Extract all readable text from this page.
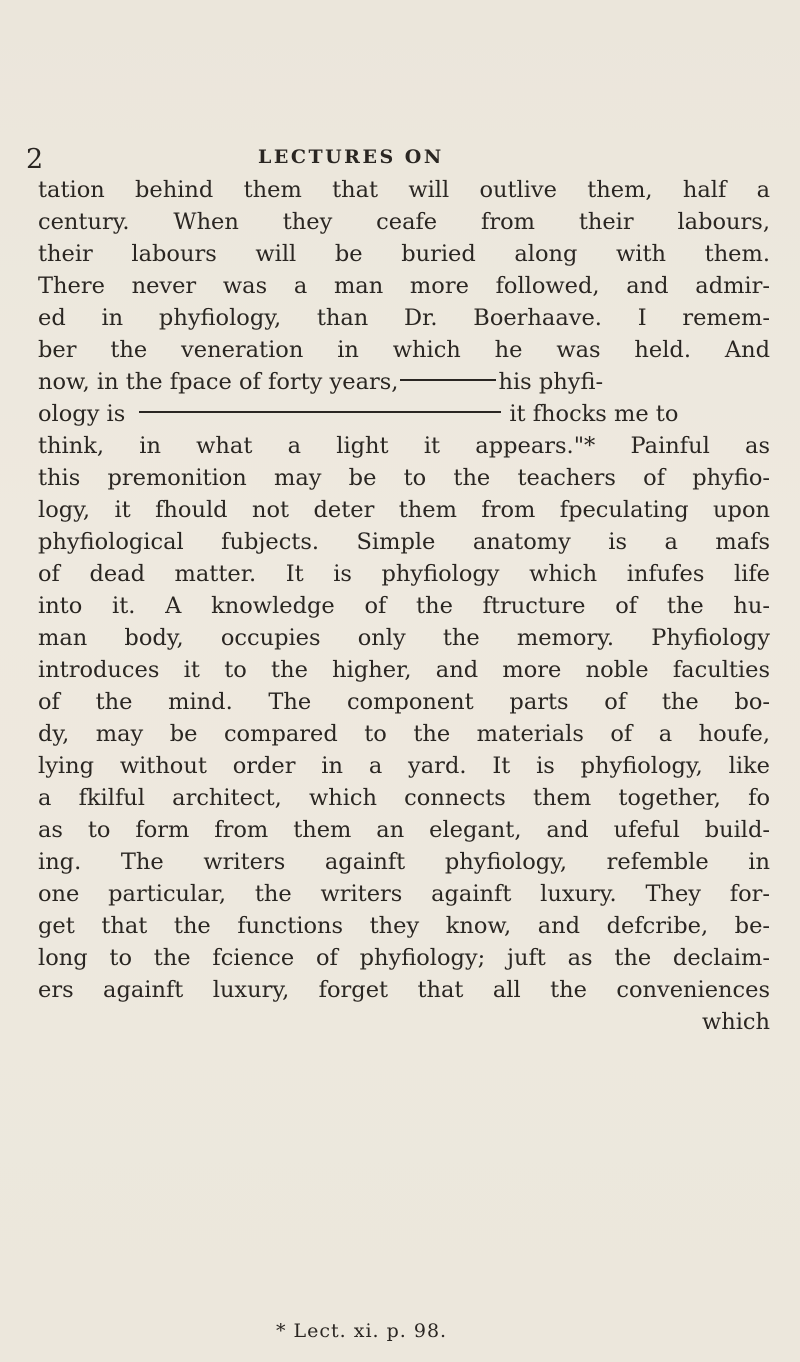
2	LECTURES ON
tation behind them that will outlive them, half a
century. When they ceafe from their labours,
their labours will be buried along with them.
There never was a man more followed, and admir-
ed in phyfiology, than Dr. Boerhaave. I remem-
ber the veneration in which he was held. And
now, in the fpace of forty years,	his phyfi-
ology is	it fhocks me to
think, in what a light it appears."* Painful as
this premonition may be to the teachers of phyfio-
logy, it fhould not deter them from fpeculating upon
phyfiological fubjects. Simple anatomy is a mafs
of dead matter. It is phyfiology which infufes life
into it. A knowledge of the ftructure of the hu-
man body, occupies only the memory. Phyfiology
introduces it to the higher, and more noble faculties
of the mind. The component parts of the bo-
dy, may be compared to the materials of a houfe,
lying without order in a yard. It is phyfiology, like
a fkilful architect, which connects them together, fo
as to form from them an elegant, and ufeful build-
ing. The writers againft phyfiology, refemble in
one particular, the writers againft luxury. They for-
get that the functions they know, and defcribe, be-
long to the fcience of phyfiology; juft as the declaim-
ers againft luxury, forget that all the conveniences
which
* Lect. xi. p. 98.
